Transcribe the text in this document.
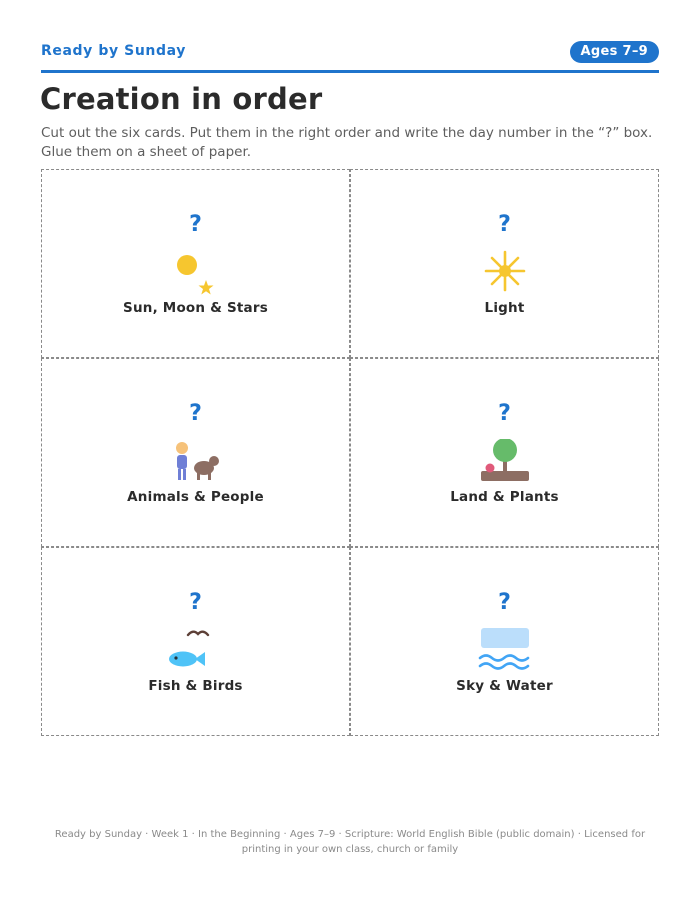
Ready by Sunday	Ages 7–9
Creation in order

Cut out the six cards. Put them in the right order and write the day number in the “?” box. Glue them on a sheet of paper.

?
Sun, Moon & Stars
?
Light
?
Animals & People
?
Land & Plants
?
Fish & Birds
?
Sky & Water

Ready by Sunday · Week 1 · In the Beginning · Ages 7–9 · Scripture: World English Bible (public domain) · Licensed for printing in your own class, church or family
